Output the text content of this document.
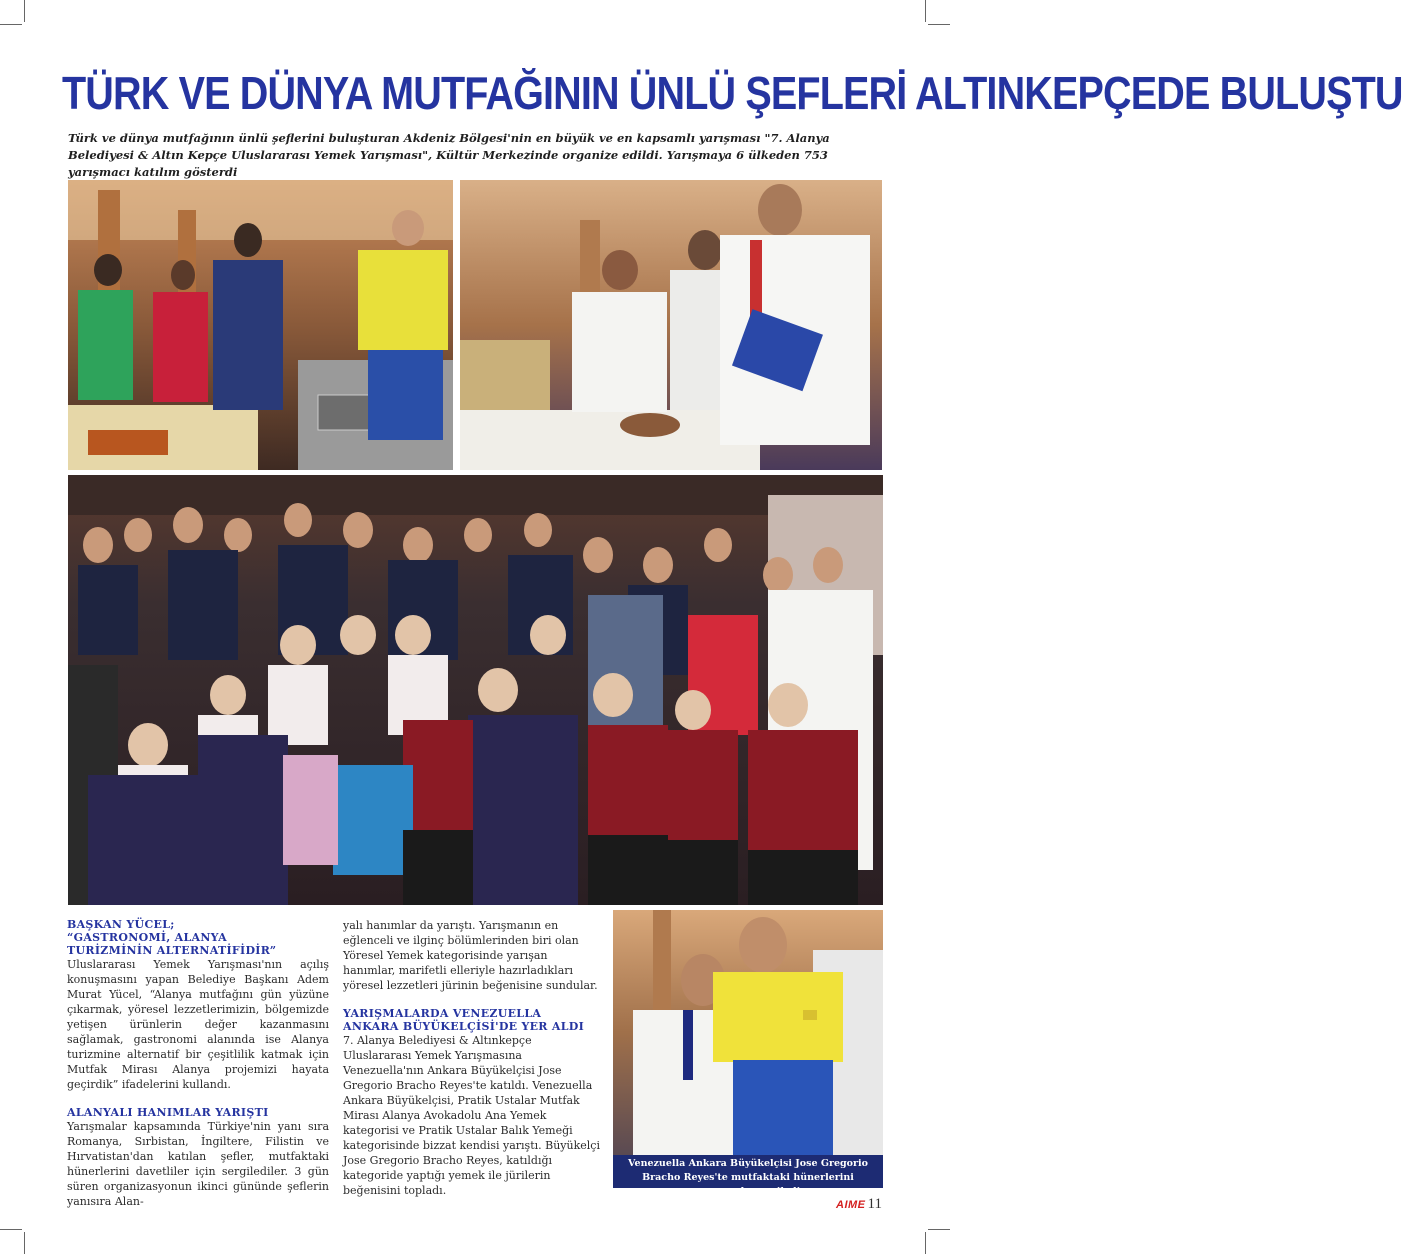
TÜRK VE DÜNYA MUTFAĞININ ÜNLÜ ŞEFLERİ ALTINKEPÇEDE BULUŞTU

Türk ve dünya mutfağının ünlü şeflerini buluşturan Akdeniz Bölgesi'nin en büyük ve en kapsamlı yarışması "7. Alanya Belediyesi & Altın Kepçe Uluslararası Yemek Yarışması", Kültür Merkezinde organize edildi. Yarışmaya 6 ülkeden 753 yarışmacı katılım gösterdi

BAŞKAN YÜCEL;
“GASTRONOMİ, ALANYA
TURİZMİNİN ALTERNATİFİDİR”

Uluslararası Yemek Yarışması'nın açılış konuşmasını yapan Belediye Başkanı Adem Murat Yücel, “Alanya mutfağını gün yüzüne çıkarmak, yöresel lezzetlerimizin, bölgemizde yetişen ürünlerin değer kazanmasını sağlamak, gastronomi alanında ise Alanya turizmine alternatif bir çeşitlilik katmak için Mutfak Mirası Alanya projemizi hayata geçirdik” ifadelerini kullandı.

ALANYALI HANIMLAR YARIŞTI

Yarışmalar kapsamında Türkiye'nin yanı sıra Romanya, Sırbistan, İngiltere, Filistin ve Hırvatistan'dan katılan şefler, mutfaktaki hünerlerini davetliler için sergilediler. 3 gün süren organizasyonun ikinci gününde şeflerin yanısıra Alan-

yalı hanımlar da yarıştı. Yarışmanın en eğlenceli ve ilginç bölümlerinden biri olan Yöresel Yemek kategorisinde yarışan hanımlar, marifetli elleriyle hazırladıkları yöresel lezzetleri jürinin beğenisine sundular.

YARIŞMALARDA VENEZUELLA
ANKARA BÜYÜKELÇİSİ'DE YER ALDI

7. Alanya Belediyesi & Altınkepçe Uluslararası Yemek Yarışmasına Venezuella'nın Ankara Büyükelçisi Jose Gregorio Bracho Reyes'te katıldı. Venezuella Ankara Büyükelçisi, Pratik Ustalar Mutfak Mirası Alanya Avokadolu Ana Yemek kategorisi ve Pratik Ustalar Balık Yemeği kategorisinde bizzat kendisi yarıştı. Büyükelçi Jose Gregorio Bracho Reyes, katıldığı kategoride yaptığı yemek ile jürilerin beğenisini topladı.

Venezuella Ankara Büyükelçisi Jose Gregorio Bracho Reyes'te mutfaktaki hünerlerini yarışmada sergiledi
AIME 11
